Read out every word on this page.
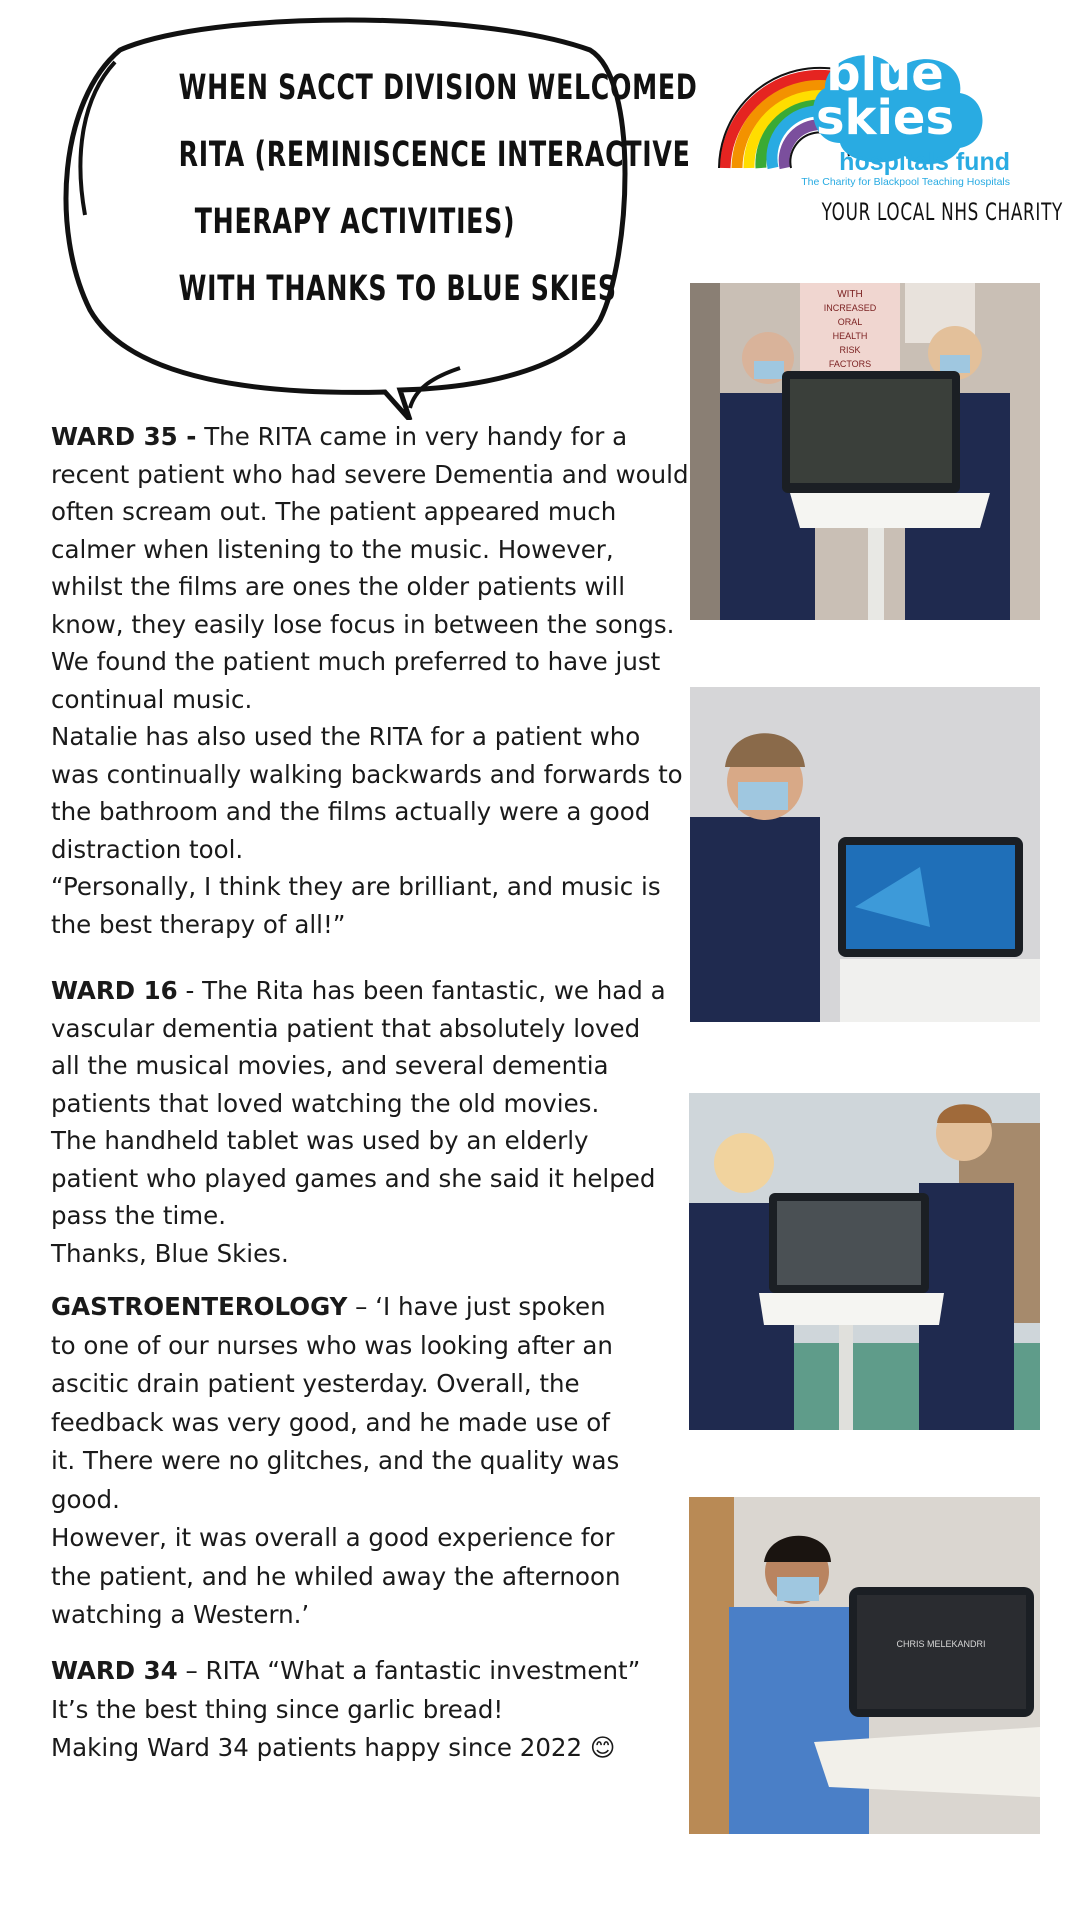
WHEN SACCT DIVISION WELCOMED
RITA (REMINISCENCE INTERACTIVE
THERAPY ACTIVITIES)
WITH THANKS TO BLUE SKIES
blue
skies
hospitals fund
The Charity for Blackpool Teaching Hospitals
YOUR LOCAL NHS CHARITY

WARD 35 - The RITA came in very handy for a recent patient who had severe Dementia and would often scream out. The patient appeared much calmer when listening to the music. However, whilst the films are ones the older patients will know, they easily lose focus in between the songs. We found the patient much preferred to have just continual music.

Natalie has also used the RITA for a patient who was continually walking backwards and forwards to the bathroom and the films actually were a good distraction tool.

“Personally, I think they are brilliant, and music is the best therapy of all!”

WARD 16 - The Rita has been fantastic, we had a vascular dementia patient that absolutely loved all the musical movies, and several dementia patients that loved watching the old movies.

The handheld tablet was used by an elderly patient who played games and she said it helped pass the time.

Thanks, Blue Skies.

GASTROENTEROLOGY – ‘I have just spoken to one of our nurses who was looking after an ascitic drain patient yesterday. Overall, the feedback was very good, and he made use of it. There were no glitches, and the quality was good.

However, it was overall a good experience for the patient, and he whiled away the afternoon watching a Western.’

WARD 34 – RITA “What a fantastic investment”

It’s the best thing since garlic bread!

Making Ward 34 patients happy since 2022 😊

WITH
INCREASED
ORAL
HEALTH
RISK
FACTORS
CHRIS MELEKANDRI
